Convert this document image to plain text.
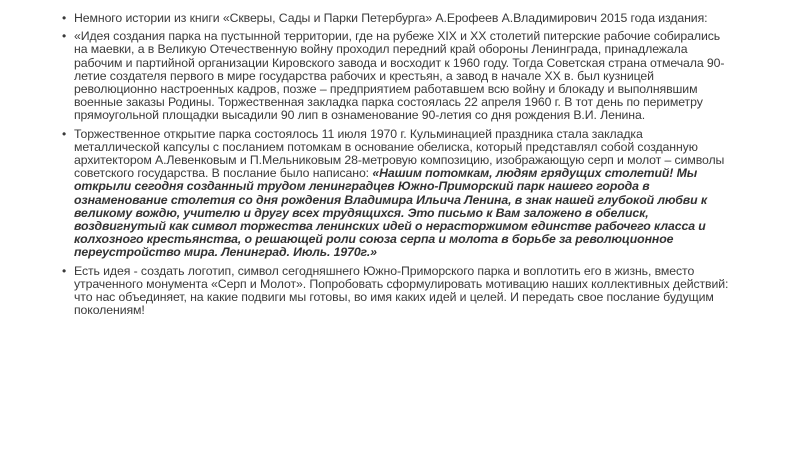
• Немного истории из книги «Скверы, Сады и Парки Петербурга» А.Ерофеев А.Владимирович 2015 года издания:
• «Идея создания парка на пустынной территории, где на рубеже XIX и XX столетий питерские рабочие собирались на маевки, а в Великую Отечественную войну проходил передний край обороны Ленинграда, принадлежала рабочим и партийной организации Кировского завода и восходит к 1960 году. Тогда Советская страна отмечала 90-летие создателя первого в мире государства рабочих и крестьян, а завод в начале XX в. был кузницей революционно настроенных кадров, позже – предприятием работавшем всю войну и блокаду и выполнявшим военные заказы Родины. Торжественная закладка парка состоялась 22 апреля 1960 г. В тот день по периметру прямоугольной площадки высадили 90 лип в ознаменование 90-летия со дня рождения В.И. Ленина.
• Торжественное открытие парка состоялось 11 июля 1970 г. Кульминацией праздника стала закладка металлической капсулы с посланием потомкам в основание обелиска, который представлял собой созданную архитектором А.Левенковым и П.Мельниковым 28-метровую композицию, изображающую серп и молот – символы советского государства. В послание было написано: «Нашим потомкам, людям грядущих столетий! Мы открыли сегодня созданный трудом ленинградцев Южно-Приморский парк нашего города в ознаменование столетия со дня рождения Владимира Ильича Ленина, в знак нашей глубокой любви к великому вождю, учителю и другу всех трудящихся. Это письмо к Вам заложено в обелиск, воздвигнутый как символ торжества ленинских идей о нерасторжимом единстве рабочего класса и колхозного крестьянства, о решающей роли союза серпа и молота в борьбе за революционное переустройство мира. Ленинград. Июль. 1970г.»
• Есть идея - создать логотип, символ сегодняшнего Южно-Приморского парка и воплотить его в жизнь, вместо утраченного монумента «Серп и Молот». Попробовать сформулировать мотивацию наших коллективных действий: что нас объединяет, на какие подвиги мы готовы, во имя каких идей и целей. И передать свое послание будущим поколениям!
